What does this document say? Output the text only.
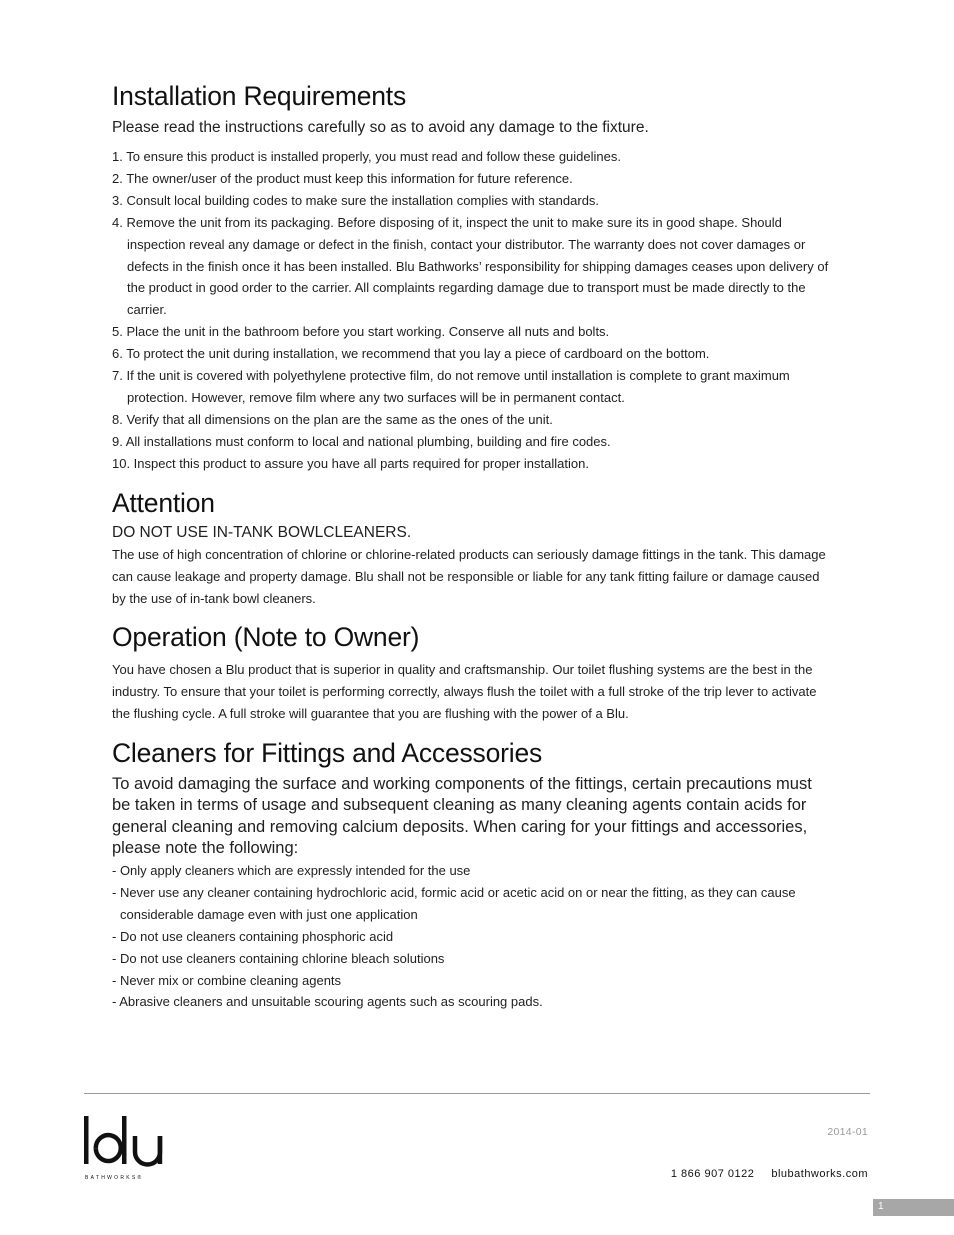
Installation Requirements

Please read the instructions carefully so as to avoid any damage to the fixture.

1. To ensure this product is installed properly, you must read and follow these guidelines.
2. The owner/user of the product must keep this information for future reference.
3. Consult local building codes to make sure the installation complies with standards.
4. Remove the unit from its packaging. Before disposing of it, inspect the unit to make sure its in good shape. Should inspection reveal any damage or defect in the finish, contact your distributor. The warranty does not cover damages or defects in the finish once it has been installed. Blu Bathworks’ responsibility for shipping damages ceases upon delivery of the product in good order to the carrier. All complaints regarding damage due to transport must be made directly to the carrier.
5. Place the unit in the bathroom before you start working. Conserve all nuts and bolts.
6. To protect the unit during installation, we recommend that you lay a piece of cardboard on the bottom.
7. If the unit is covered with polyethylene protective film, do not remove until installation is complete to grant maximum protection. However, remove film where any two surfaces will be in permanent contact.
8. Verify that all dimensions on the plan are the same as the ones of the unit.
9. All installations must conform to local and national plumbing, building and fire codes.
10. Inspect this product to assure you have all parts required for proper installation.
Attention

DO NOT USE IN-TANK BOWLCLEANERS.

The use of high concentration of chlorine or chlorine-related products can seriously damage fittings in the tank. This damage can cause leakage and property damage. Blu shall not be responsible or liable for any tank fitting failure or damage caused by the use of in-tank bowl cleaners.

Operation (Note to Owner)

You have chosen a Blu product that is superior in quality and craftsmanship. Our toilet flushing systems are the best in the industry. To ensure that your toilet is performing correctly, always flush the toilet with a full stroke of the trip lever to activate the flushing cycle. A full stroke will guarantee that you are flushing with the power of a Blu.

Cleaners for Fittings and Accessories

To avoid damaging the surface and working components of the fittings, certain precautions must be taken in terms of usage and subsequent cleaning as many cleaning agents contain acids for general cleaning and removing calcium deposits. When caring for your fittings and accessories, please note the following:

- Only apply cleaners which are expressly intended for the use
- Never use any cleaner containing hydrochloric acid, formic acid or acetic acid on or near the fitting, as they can cause considerable damage even with just one application
- Do not use cleaners containing phosphoric acid
- Do not use cleaners containing chlorine bleach solutions
- Never mix or combine cleaning agents
- Abrasive cleaners and unsuitable scouring agents such as scouring pads.
BATHWORKS®
2014-01
1 866 907 0122 blubathworks.com
1
